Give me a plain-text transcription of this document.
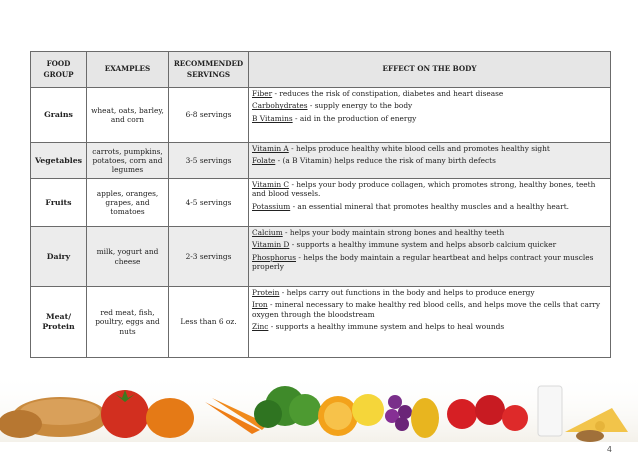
FOOD GROUP	EXAMPLES	RECOMMENDED SERVINGS	EFFECT ON THE BODY
Grains	wheat, oats, barley, and corn	6-8 servings	Fiber - reduces the risk of constipation, diabetes and heart disease
Carbohydrates - supply energy to the body
B Vitamins - aid in the production of energy

Vegetables	carrots, pumpkins, potatoes, corn and legumes	3-5 servings	Vitamin A - helps produce healthy white blood cells and promotes healthy sight
Folate - (a B Vitamin) helps reduce the risk of many birth defects

Fruits	apples, oranges, grapes, and tomatoes	4-5 servings	Vitamin C - helps your body produce collagen, which promotes strong, healthy bones, teeth and blood vessels.
Potassium - an essential mineral that promotes healthy muscles and a healthy heart.

Dairy	milk, yogurt and cheese	2-3 servings	Calcium - helps your body maintain strong bones and healthy teeth
Vitamin D - supports a healthy immune system and helps absorb calcium quicker
Phosphorus - helps the body maintain a regular heartbeat and helps contract your muscles properly

Meat/ Protein	red meat, fish, poultry, eggs and nuts	Less than 6 oz.	Protein - helps carry out functions in the body and helps to produce energy
Iron - mineral necessary to make healthy red blood cells, and helps move the cells that carry oxygen through the bloodstream
Zinc - supports a healthy immune system and helps to heal wounds
4
